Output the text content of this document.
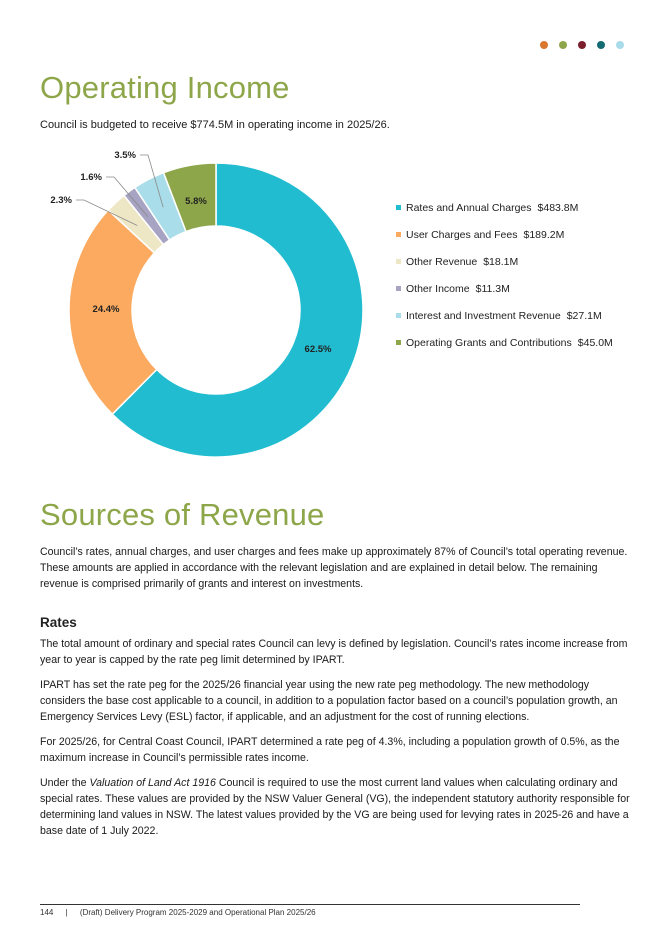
Operating Income

Council is budgeted to receive $774.5M in operating income in 2025/26.

62.5%
24.4%
2.3%
1.6%
3.5%
5.8%	Rates and Annual Charges $483.8M
User Charges and Fees $189.2M
Other Revenue $18.1M
Other Income $11.3M
Interest and Investment Revenue $27.1M
Operating Grants and Contributions $45.0M
Sources of Revenue

Council’s rates, annual charges, and user charges and fees make up approximately 87% of Council’s total operating revenue. These amounts are applied in accordance with the relevant legislation and are explained in detail below. The remaining revenue is comprised primarily of grants and interest on investments.

Rates

The total amount of ordinary and special rates Council can levy is defined by legislation. Council’s rates income increase from year to year is capped by the rate peg limit determined by IPART.

IPART has set the rate peg for the 2025/26 financial year using the new rate peg methodology. The new methodology considers the base cost applicable to a council, in addition to a population factor based on a council’s population growth, an Emergency Services Levy (ESL) factor, if applicable, and an adjustment for the cost of running elections.

For 2025/26, for Central Coast Council, IPART determined a rate peg of 4.3%, including a population growth of 0.5%, as the maximum increase in Council’s permissible rates income.

Under the Valuation of Land Act 1916 Council is required to use the most current land values when calculating ordinary and special rates. These values are provided by the NSW Valuer General (VG), the independent statutory authority responsible for determining land values in NSW. The latest values provided by the VG are being used for levying rates in 2025-26 and have a base date of 1 July 2022.

144 | (Draft) Delivery Program 2025-2029 and Operational Plan 2025/26
